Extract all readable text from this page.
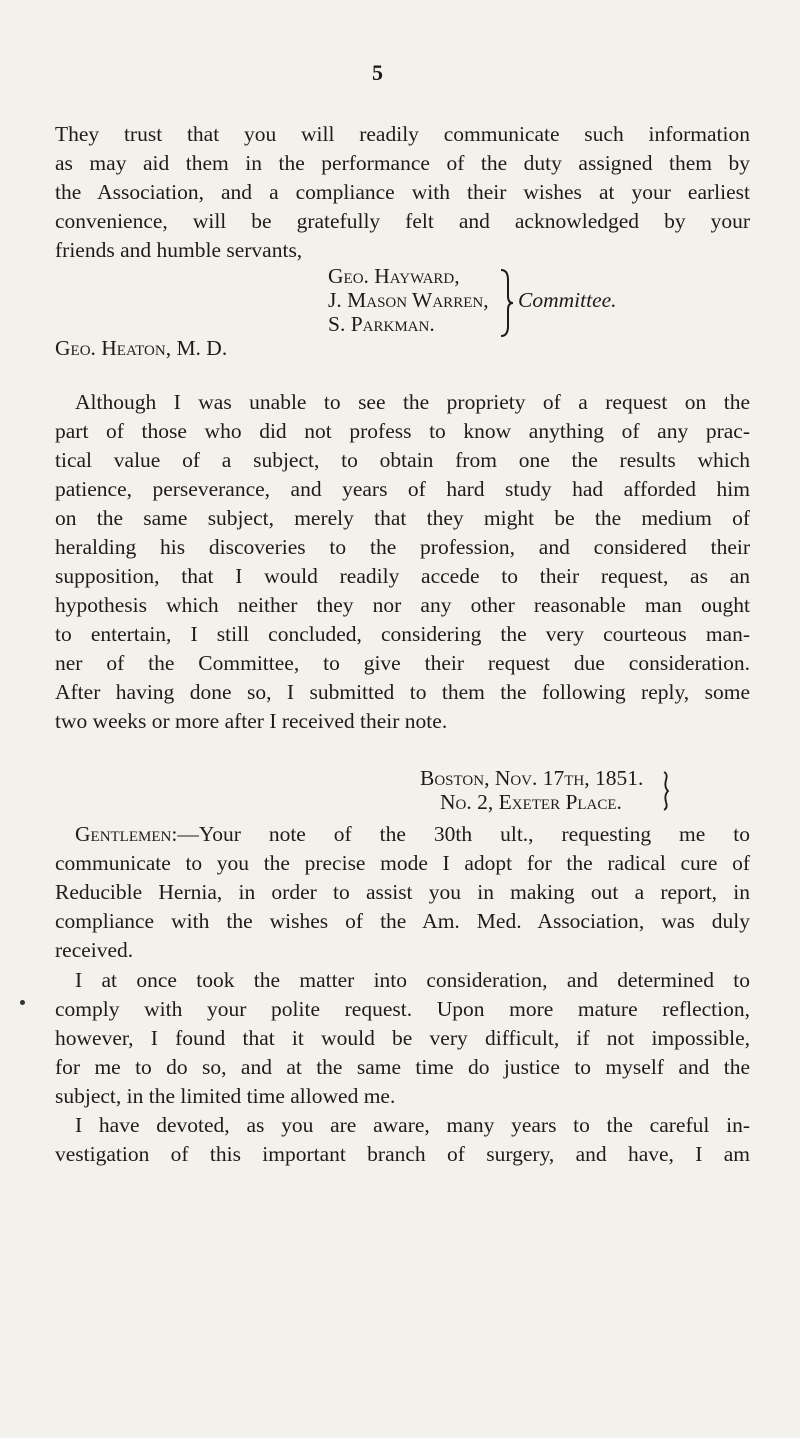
5
They trust that you will readily communicate such information
as may aid them in the performance of the duty assigned them by
the Association, and a compliance with their wishes at your earliest
convenience, will be gratefully felt and acknowledged by your
friends and humble servants,
Geo. Hayward,
J. Mason Warren,
S. Parkman.
Committee.
Geo. Heaton, M. D.
Although I was unable to see the propriety of a request on the
part of those who did not profess to know anything of any prac-
tical value of a subject, to obtain from one the results which
patience, perseverance, and years of hard study had afforded him
on the same subject, merely that they might be the medium of
heralding his discoveries to the profession, and considered their
supposition, that I would readily accede to their request, as an
hypothesis which neither they nor any other reasonable man ought
to entertain, I still concluded, considering the very courteous man-
ner of the Committee, to give their request due consideration.
After having done so, I submitted to them the following reply, some
two weeks or more after I received their note.
Boston, Nov. 17th, 1851.
No. 2, Exeter Place.
Gentlemen:—Your note of the 30th ult., requesting me to
communicate to you the precise mode I adopt for the radical cure of
Reducible Hernia, in order to assist you in making out a report, in
compliance with the wishes of the Am. Med. Association, was duly
received.
I at once took the matter into consideration, and determined to
comply with your polite request. Upon more mature reflection,
however, I found that it would be very difficult, if not impossible,
for me to do so, and at the same time do justice to myself and the
subject, in the limited time allowed me.
I have devoted, as you are aware, many years to the careful in-
vestigation of this important branch of surgery, and have, I am
